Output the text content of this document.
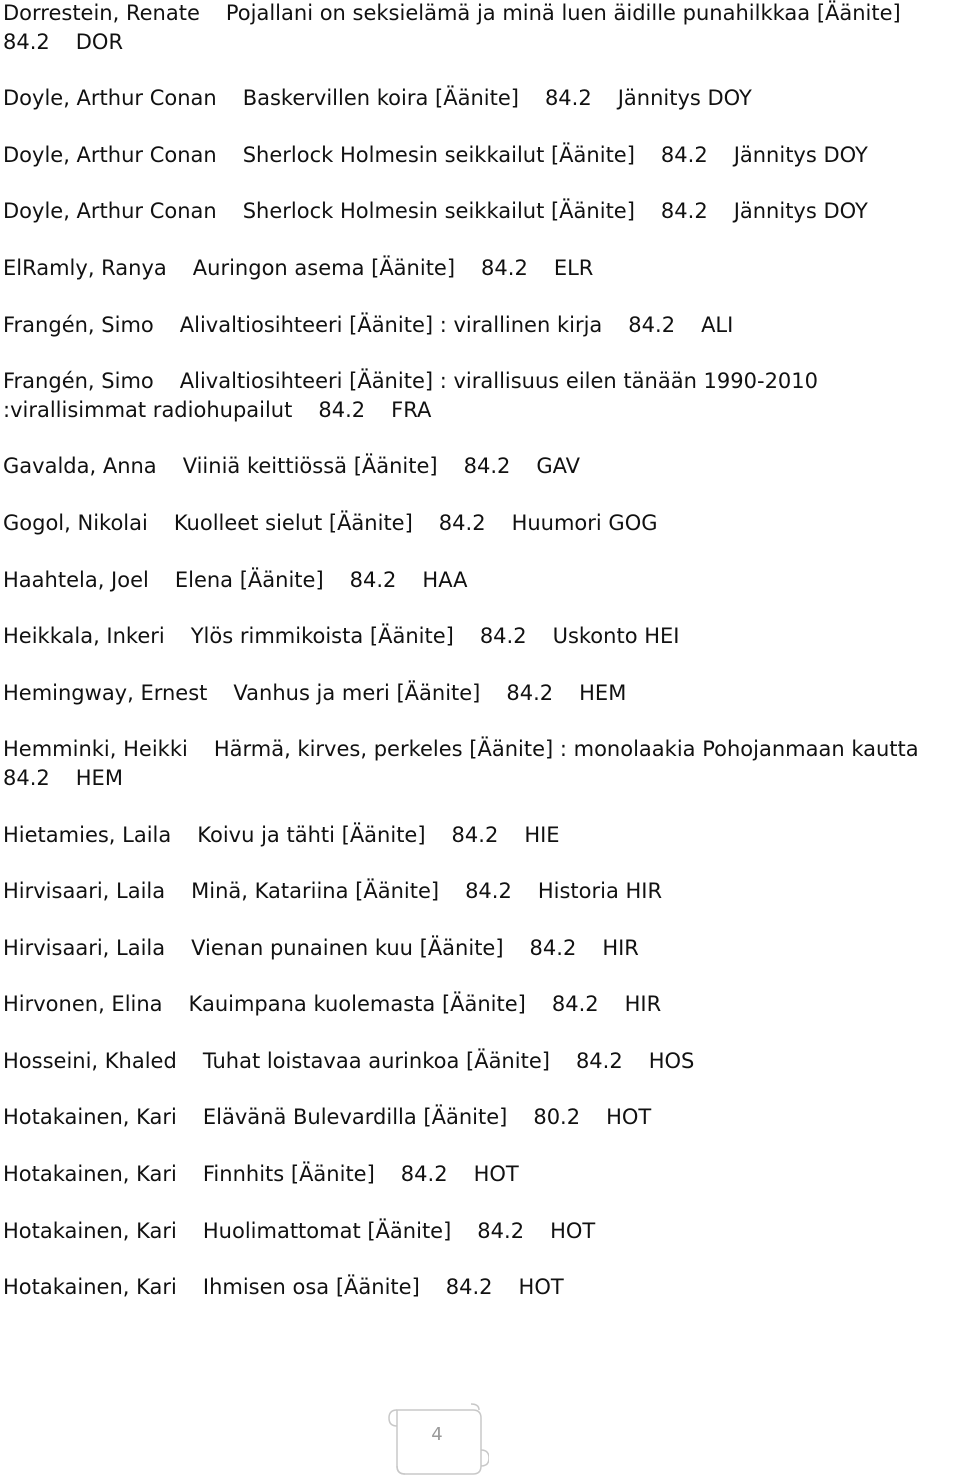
Dorrestein, Renate Pojallani on seksielämä ja minä luen äidille punahilkkaa [Äänite]
84.2 DOR
Doyle, Arthur Conan Baskervillen koira [Äänite] 84.2 Jännitys DOY
Doyle, Arthur Conan Sherlock Holmesin seikkailut [Äänite] 84.2 Jännitys DOY
Doyle, Arthur Conan Sherlock Holmesin seikkailut [Äänite] 84.2 Jännitys DOY
ElRamly, Ranya Auringon asema [Äänite] 84.2 ELR
Frangén, Simo Alivaltiosihteeri [Äänite] : virallinen kirja 84.2 ALI
Frangén, Simo Alivaltiosihteeri [Äänite] : virallisuus eilen tänään 1990-2010
:virallisimmat radiohupailut 84.2 FRA
Gavalda, Anna Viiniä keittiössä [Äänite] 84.2 GAV
Gogol, Nikolai Kuolleet sielut [Äänite] 84.2 Huumori GOG
Haahtela, Joel Elena [Äänite] 84.2 HAA
Heikkala, Inkeri Ylös rimmikoista [Äänite] 84.2 Uskonto HEI
Hemingway, Ernest Vanhus ja meri [Äänite] 84.2 HEM
Hemminki, Heikki Härmä, kirves, perkeles [Äänite] : monolaakia Pohojanmaan kautta
84.2 HEM
Hietamies, Laila Koivu ja tähti [Äänite] 84.2 HIE
Hirvisaari, Laila Minä, Katariina [Äänite] 84.2 Historia HIR
Hirvisaari, Laila Vienan punainen kuu [Äänite] 84.2 HIR
Hirvonen, Elina Kauimpana kuolemasta [Äänite] 84.2 HIR
Hosseini, Khaled Tuhat loistavaa aurinkoa [Äänite] 84.2 HOS
Hotakainen, Kari Elävänä Bulevardilla [Äänite] 80.2 HOT
Hotakainen, Kari Finnhits [Äänite] 84.2 HOT
Hotakainen, Kari Huolimattomat [Äänite] 84.2 HOT
Hotakainen, Kari Ihmisen osa [Äänite] 84.2 HOT
4
